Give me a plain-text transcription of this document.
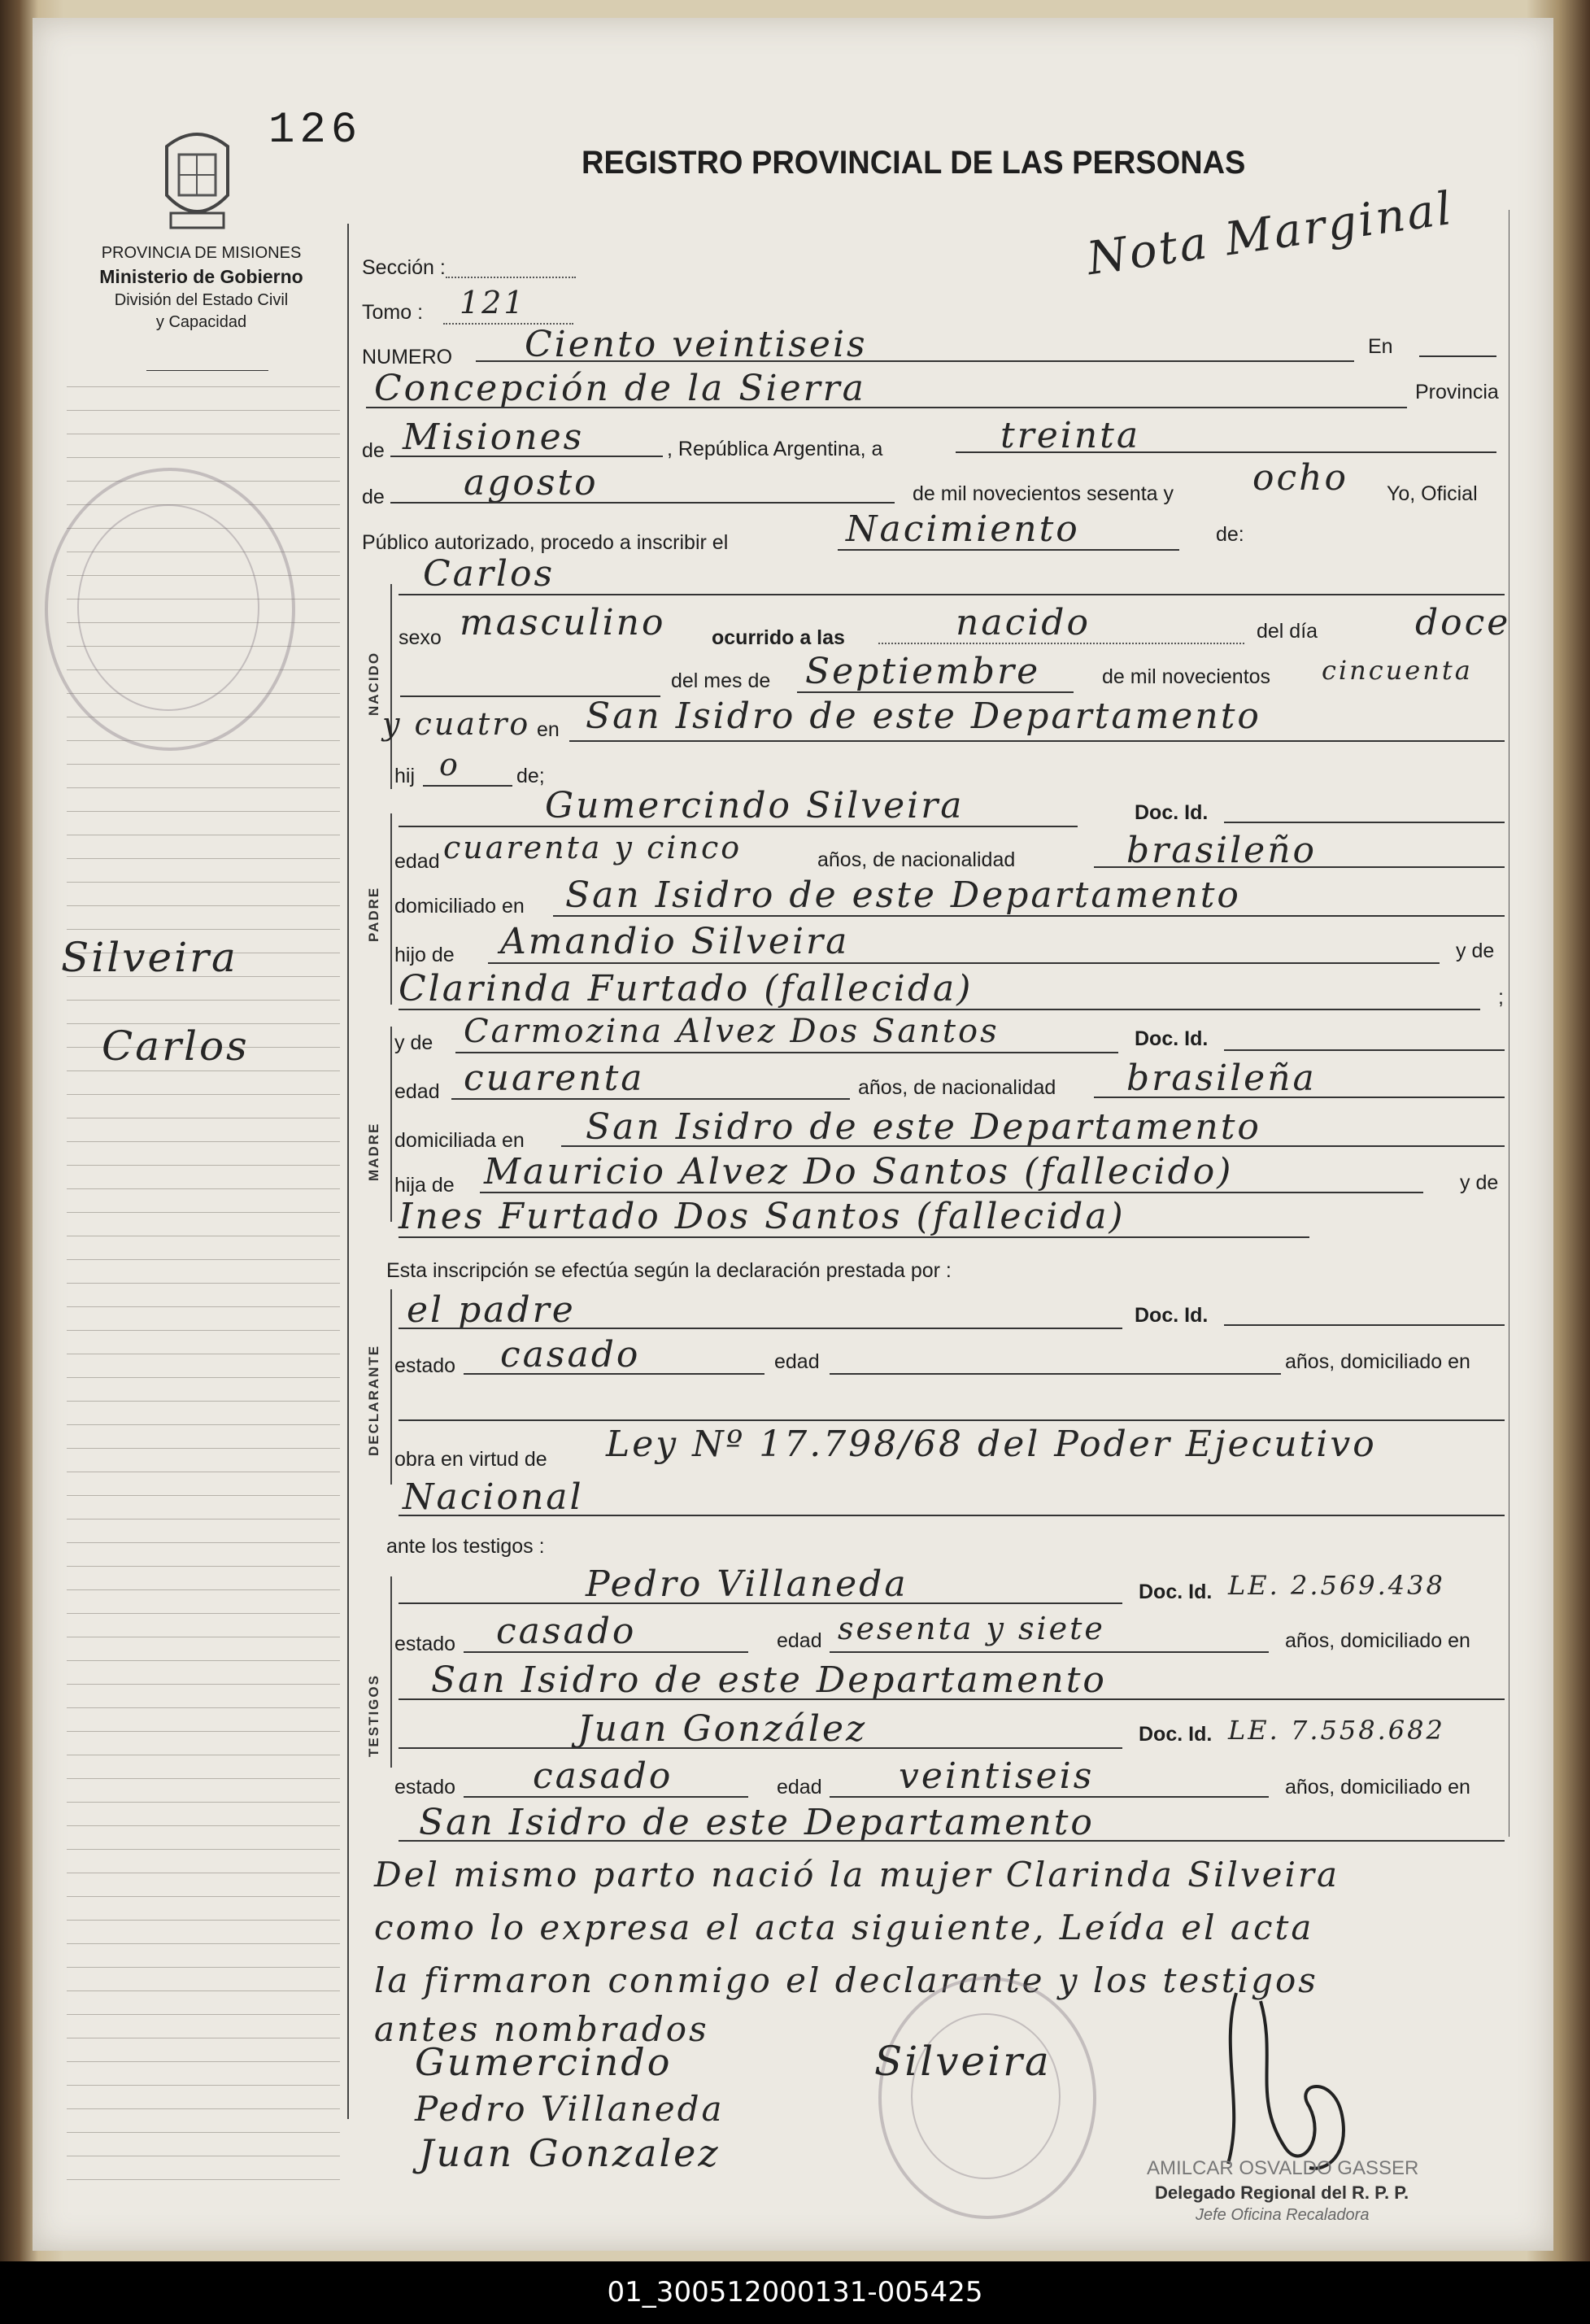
126
REGISTRO PROVINCIAL DE LAS PERSONAS
Nota Marginal
PROVINCIA DE MISIONES
Ministerio de Gobierno
División del Estado Civil
y Capacidad
Silveira
Carlos
NACIDO
PADRE
MADRE
DECLARANTE
TESTIGOS
Sección :
Tomo : 121
NUMERO Ciento veintiseis	En
Concepción de la Sierra	Provincia
de Misiones	, República Argentina, a	treinta
de agosto	de mil novecientos sesenta y ocho Yo, Oficial
Público autorizado, procedo a inscribir el	Nacimiento	de:
Carlos
sexo masculino ocurrido a las	nacido	del día	doce
del mes de Septiembre	de mil novecientos cincuenta
y cuatro en San Isidro de este Departamento
hij o	de;
Gumercindo Silveira	Doc. Id.
edad cuarenta y cinco	años, de nacionalidad	brasileño
domiciliado en San Isidro de este Departamento
hijo de Amandio Silveira	y de
Clarinda Furtado (fallecida)	;
y de Carmozina Alvez Dos Santos	Doc. Id.
edad cuarenta	años, de nacionalidad brasileña
domiciliada en San Isidro de este Departamento
hija de Mauricio Alvez Do Santos (fallecido)	y de
Ines Furtado Dos Santos (fallecida)
Esta inscripción se efectúa según la declaración prestada por :
el padre	Doc. Id.
estado casado	edad	años, domiciliado en
obra en virtud de Ley Nº 17.798/68 del Poder Ejecutivo
Nacional
ante los testigos :
Pedro Villaneda	Doc. Id. LE. 2.569.438
estado casado	edad sesenta y siete	años, domiciliado en
San Isidro de este Departamento
Juan González	Doc. Id. LE. 7.558.682
estado casado	edad veintiseis	años, domiciliado en
San Isidro de este Departamento
Del mismo parto nació la mujer Clarinda Silveira
como lo expresa el acta siguiente, Leída el acta
la firmaron conmigo el declarante y los testigos
antes nombrados
Gumercindo	Silveira
Pedro Villaneda
Juan Gonzalez	AMILCAR OSVALDO GASSER
Delegado Regional del R. P. P.
Jefe Oficina Recaladora
01_300512000131-005425
